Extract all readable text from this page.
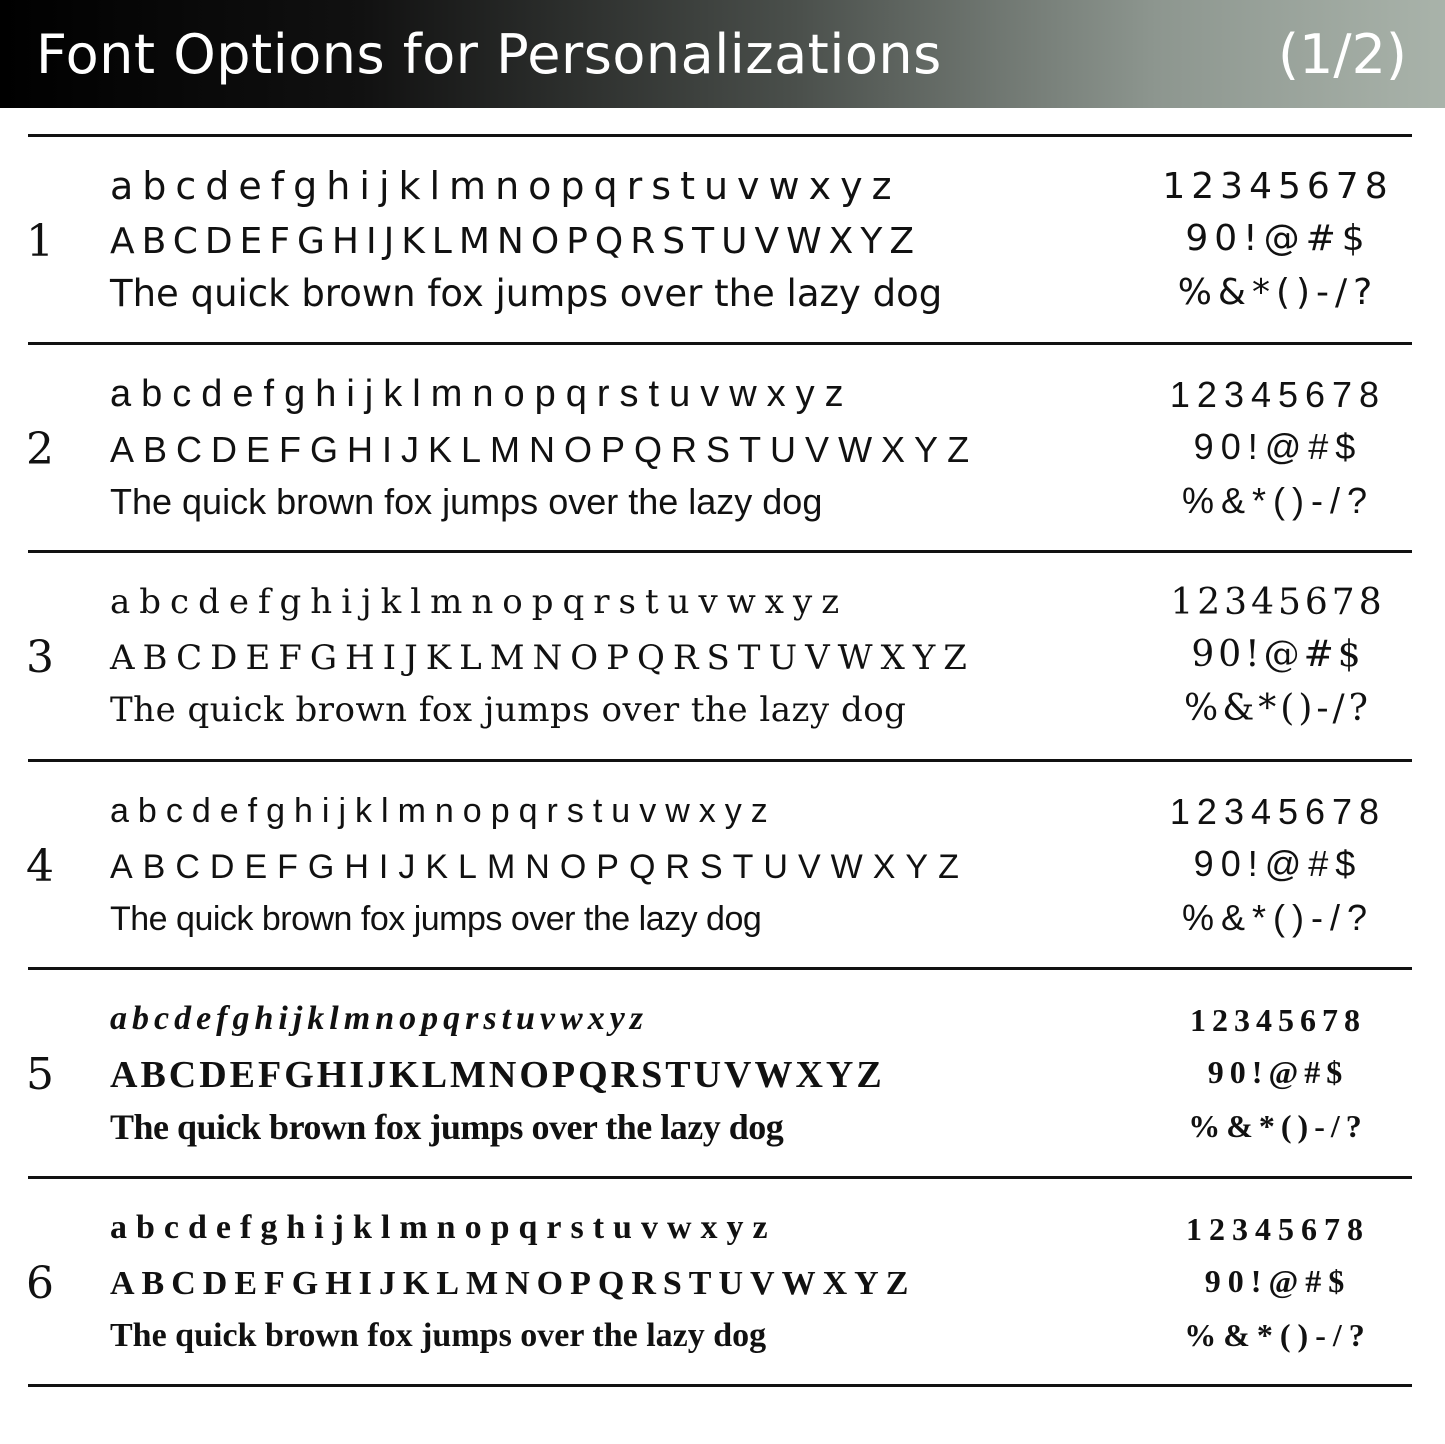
Font Options for Personalizations	(1/2)
1
abcdefghijklmnopqrstuvwxyz
ABCDEFGHIJKLMNOPQRSTUVWXYZ
The quick brown fox jumps over the lazy dog
12345678
90!@#$
%&*()-/?
2
abcdefghijklmnopqrstuvwxyz
ABCDEFGHIJKLMNOPQRSTUVWXYZ
The quick brown fox jumps over the lazy dog
12345678
90!@#$
%&*()-/?
3
abcdefghijklmnopqrstuvwxyz
ABCDEFGHIJKLMNOPQRSTUVWXYZ
The quick brown fox jumps over the lazy dog
12345678
90!@#$
%&*()-/?
4
abcdefghijklmnopqrstuvwxyz
ABCDEFGHIJKLMNOPQRSTUVWXYZ
The quick brown fox jumps over the lazy dog
12345678
90!@#$
%&*()-/?
5
abcdefghijklmnopqrstuvwxyz
ABCDEFGHIJKLMNOPQRSTUVWXYZ
The quick brown fox jumps over the lazy dog
12345678
90!@#$
%&*()-/?
6
abcdefghijklmnopqrstuvwxyz
ABCDEFGHIJKLMNOPQRSTUVWXYZ
The quick brown fox jumps over the lazy dog
12345678
90!@#$
%&*()-/?
